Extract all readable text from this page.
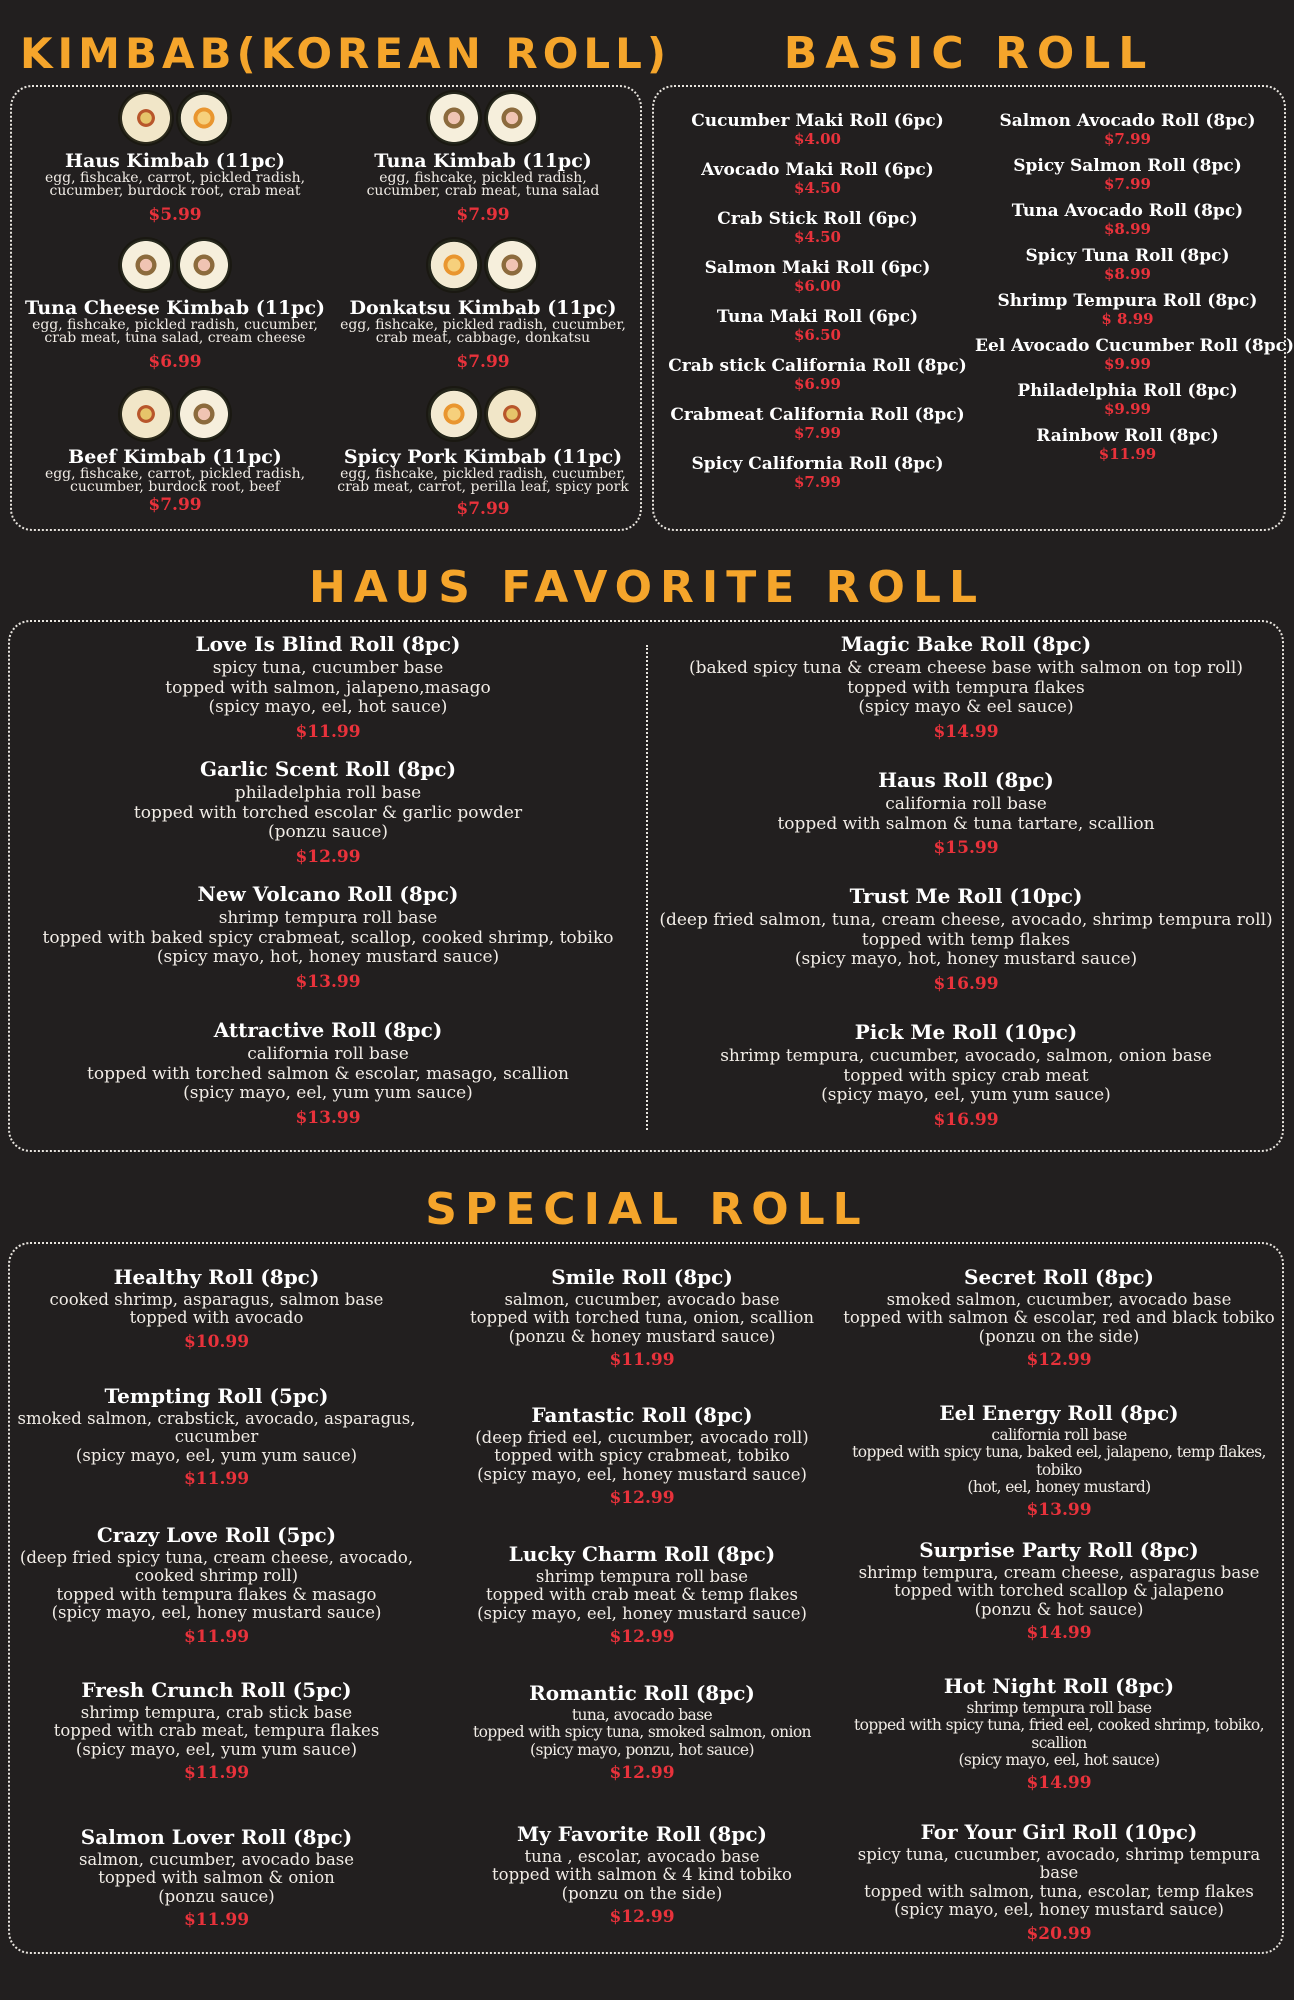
KIMBAB(KOREAN ROLL)	BASIC ROLL
HAUS FAVORITE ROLL
SPECIAL ROLL
Haus Kimbab (11pc)
egg, fishcake, carrot, pickled radish,
cucumber, burdock root, crab meat
$5.99
Tuna Kimbab (11pc)
egg, fishcake, pickled radish,
cucumber, crab meat, tuna salad
$7.99
Tuna Cheese Kimbab (11pc)
egg, fishcake, pickled radish, cucumber,
crab meat, tuna salad, cream cheese
$6.99
Donkatsu Kimbab (11pc)
egg, fishcake, pickled radish, cucumber,
crab meat, cabbage, donkatsu
$7.99
Beef Kimbab (11pc)
egg, fishcake, carrot, pickled radish,
cucumber, burdock root, beef
$7.99
Spicy Pork Kimbab (11pc)
egg, fishcake, pickled radish, cucumber,
crab meat, carrot, perilla leaf, spicy pork
$7.99
Cucumber Maki Roll (6pc)
$4.00
Avocado Maki Roll (6pc)
$4.50
Crab Stick Roll (6pc)
$4.50
Salmon Maki Roll (6pc)
$6.00
Tuna Maki Roll (6pc)
$6.50
Crab stick California Roll (8pc)
$6.99
Crabmeat California Roll (8pc)
$7.99
Spicy California Roll (8pc)
$7.99
Salmon Avocado Roll (8pc)
$7.99
Spicy Salmon Roll (8pc)
$7.99
Tuna Avocado Roll (8pc)
$8.99
Spicy Tuna Roll (8pc)
$8.99
Shrimp Tempura Roll (8pc)
$ 8.99
Eel Avocado Cucumber Roll (8pc)
$9.99
Philadelphia Roll (8pc)
$9.99
Rainbow Roll (8pc)
$11.99
Love Is Blind Roll (8pc)
spicy tuna, cucumber base
topped with salmon, jalapeno,masago
(spicy mayo, eel, hot sauce)
$11.99
Garlic Scent Roll (8pc)
philadelphia roll base
topped with torched escolar & garlic powder
(ponzu sauce)
$12.99
New Volcano Roll (8pc)
shrimp tempura roll base
topped with baked spicy crabmeat, scallop, cooked shrimp, tobiko
(spicy mayo, hot, honey mustard sauce)
$13.99
Attractive Roll (8pc)
california roll base
topped with torched salmon & escolar, masago, scallion
(spicy mayo, eel, yum yum sauce)
$13.99
Magic Bake Roll (8pc)
(baked spicy tuna & cream cheese base with salmon on top roll)
topped with tempura flakes
(spicy mayo & eel sauce)
$14.99
Haus Roll (8pc)
california roll base
topped with salmon & tuna tartare, scallion
$15.99
Trust Me Roll (10pc)
(deep fried salmon, tuna, cream cheese, avocado, shrimp tempura roll)
topped with temp flakes
(spicy mayo, hot, honey mustard sauce)
$16.99
Pick Me Roll (10pc)
shrimp tempura, cucumber, avocado, salmon, onion base
topped with spicy crab meat
(spicy mayo, eel, yum yum sauce)
$16.99
Healthy Roll (8pc)
cooked shrimp, asparagus, salmon base
topped with avocado
$10.99
Tempting Roll (5pc)
smoked salmon, crabstick, avocado, asparagus,
cucumber
(spicy mayo, eel, yum yum sauce)
$11.99
Crazy Love Roll (5pc)
(deep fried spicy tuna, cream cheese, avocado,
cooked shrimp roll)
topped with tempura flakes & masago
(spicy mayo, eel, honey mustard sauce)
$11.99
Fresh Crunch Roll (5pc)
shrimp tempura, crab stick base
topped with crab meat, tempura flakes
(spicy mayo, eel, yum yum sauce)
$11.99
Salmon Lover Roll (8pc)
salmon, cucumber, avocado base
topped with salmon & onion
(ponzu sauce)
$11.99
Smile Roll (8pc)
salmon, cucumber, avocado base
topped with torched tuna, onion, scallion
(ponzu & honey mustard sauce)
$11.99
Fantastic Roll (8pc)
(deep fried eel, cucumber, avocado roll)
topped with spicy crabmeat, tobiko
(spicy mayo, eel, honey mustard sauce)
$12.99
Lucky Charm Roll (8pc)
shrimp tempura roll base
topped with crab meat & temp flakes
(spicy mayo, eel, honey mustard sauce)
$12.99
Romantic Roll (8pc)
tuna, avocado base
topped with spicy tuna, smoked salmon, onion
(spicy mayo, ponzu, hot sauce)
$12.99
My Favorite Roll (8pc)
tuna , escolar, avocado base
topped with salmon & 4 kind tobiko
(ponzu on the side)
$12.99
Secret Roll (8pc)
smoked salmon, cucumber, avocado base
topped with salmon & escolar, red and black tobiko
(ponzu on the side)
$12.99
Eel Energy Roll (8pc)
california roll base
topped with spicy tuna, baked eel, jalapeno, temp flakes, tobiko
(hot, eel, honey mustard)
$13.99
Surprise Party Roll (8pc)
shrimp tempura, cream cheese, asparagus base
topped with torched scallop & jalapeno
(ponzu & hot sauce)
$14.99
Hot Night Roll (8pc)
shrimp tempura roll base
topped with spicy tuna, fried eel, cooked shrimp, tobiko, scallion
(spicy mayo, eel, hot sauce)
$14.99
For Your Girl Roll (10pc)
spicy tuna, cucumber, avocado, shrimp tempura base
topped with salmon, tuna, escolar, temp flakes
(spicy mayo, eel, honey mustard sauce)
$20.99
